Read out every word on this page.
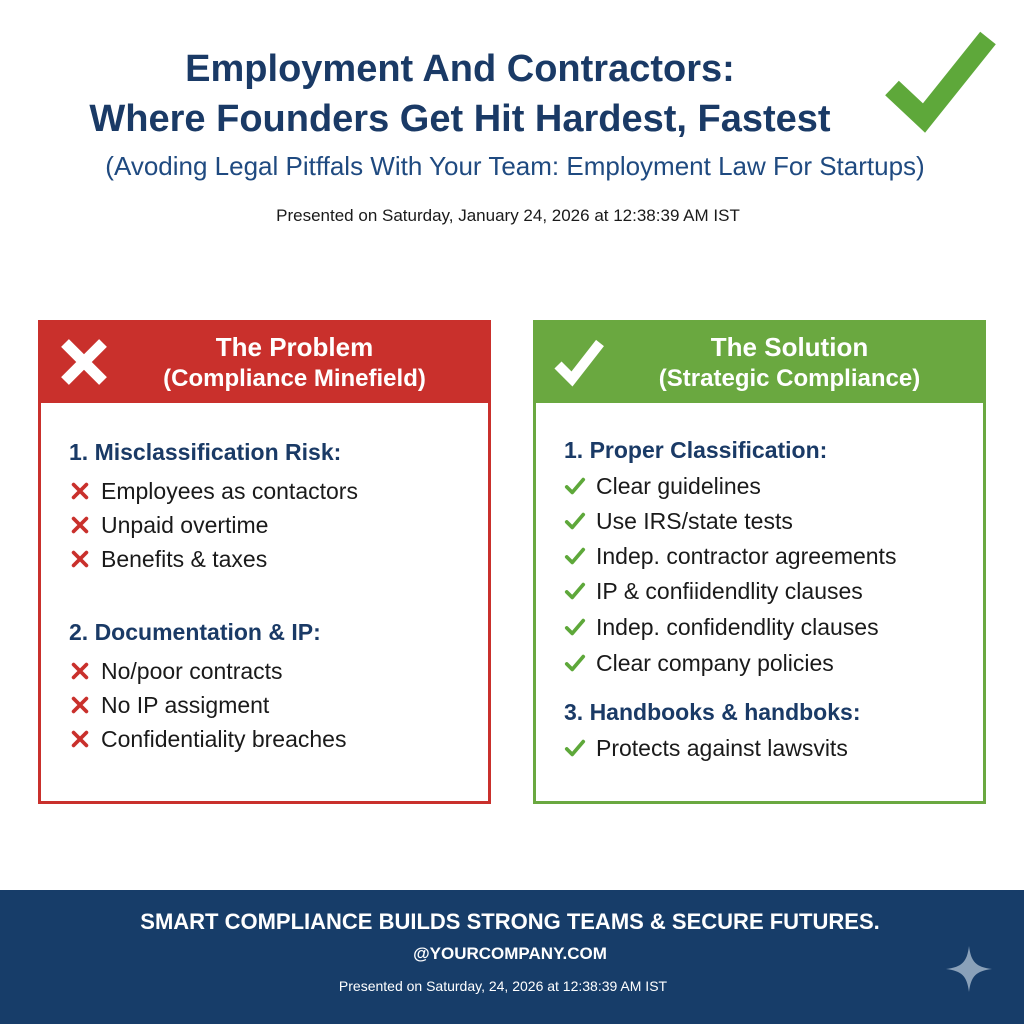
Employment And Contractors:
Where Founders Get Hit Hardest, Fastest
(Avoding Legal Pitffals With Your Team: Employment Law For Startups)
Presented on Saturday, January 24, 2026 at 12:38:39 AM IST
The Problem
(Compliance Minefield)
1. Misclassification Risk:
Employees as contactors
Unpaid overtime
Benefits & taxes
2. Documentation & IP:
No/poor contracts
No IP assigment
Confidentiality breaches
The Solution
(Strategic Compliance)
1. Proper Classification:
Clear guidelines
Use IRS/state tests
Indep. contractor agreements
IP & confiidendlity clauses
Indep. confidendlity clauses
Clear company policies
3. Handbooks & handboks:
Protects against lawsvits
SMART COMPLIANCE BUILDS STRONG TEAMS & SECURE FUTURES.
@YOURCOMPANY.COM
Presented on Saturday, 24, 2026 at 12:38:39 AM IST
